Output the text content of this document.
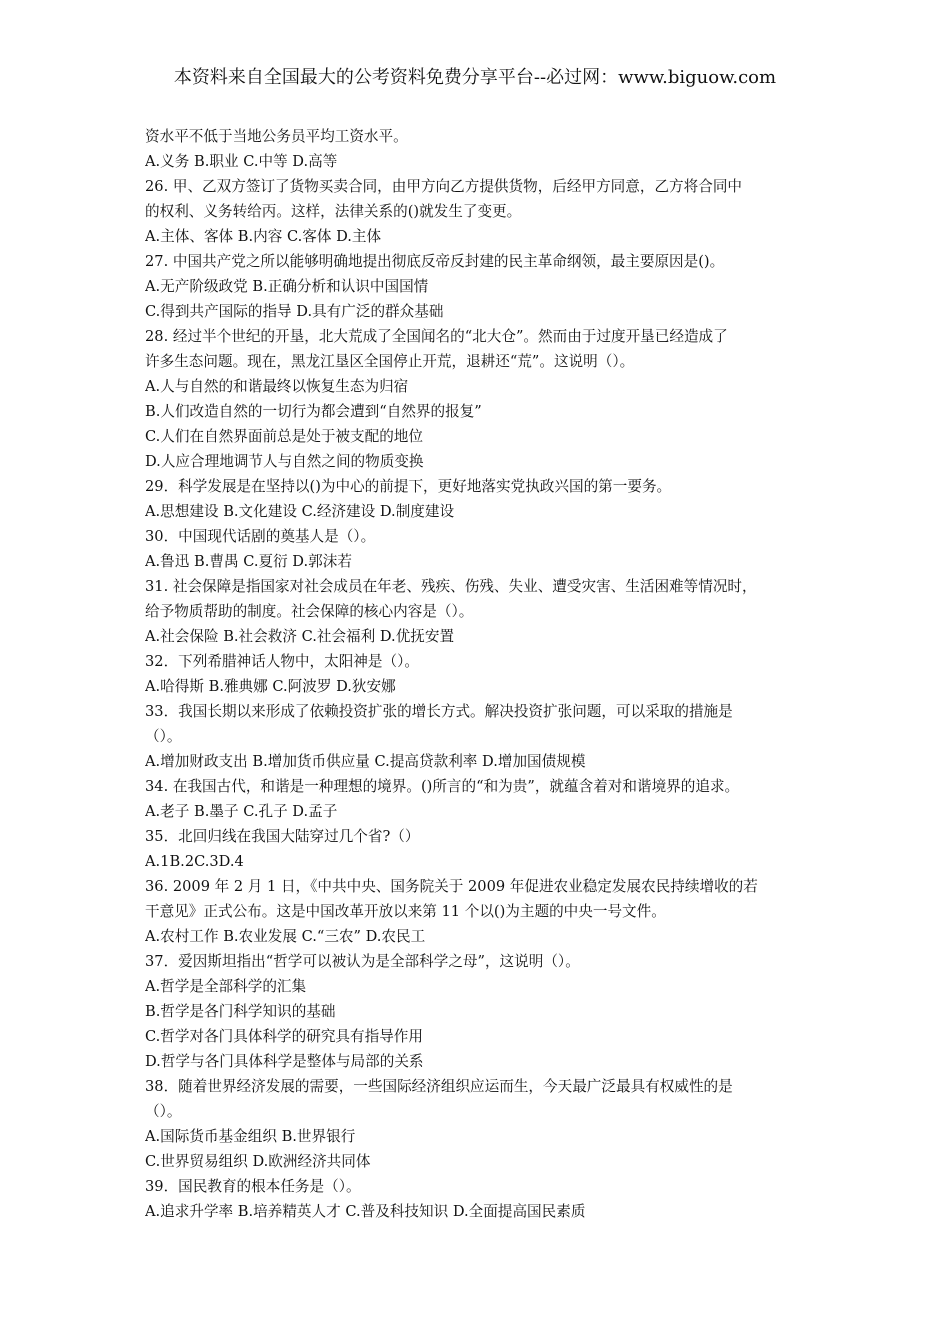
本资料来自全国最大的公考资料免费分享平台--必过网：www.biguow.com
资水平不低于当地公务员平均工资水平。
A.义务 B.职业 C.中等 D.高等
26. 甲、乙双方签订了货物买卖合同，由甲方向乙方提供货物，后经甲方同意，乙方将合同中
的权利、义务转给丙。这样，法律关系的()就发生了变更。
A.主体、客体 B.内容 C.客体 D.主体
27. 中国共产党之所以能够明确地提出彻底反帝反封建的民主革命纲领，最主要原因是()。
A.无产阶级政党 B.正确分析和认识中国国情
C.得到共产国际的指导 D.具有广泛的群众基础
28. 经过半个世纪的开垦，北大荒成了全国闻名的“北大仓”。然而由于过度开垦已经造成了
许多生态问题。现在，黑龙江垦区全国停止开荒，退耕还“荒”。这说明（）。
A.人与自然的和谐最终以恢复生态为归宿
B.人们改造自然的一切行为都会遭到“自然界的报复”
C.人们在自然界面前总是处于被支配的地位
D.人应合理地调节人与自然之间的物质变换
29．科学发展是在坚持以()为中心的前提下，更好地落实党执政兴国的第一要务。
A.思想建设 B.文化建设 C.经济建设 D.制度建设
30．中国现代话剧的奠基人是（）。
A.鲁迅 B.曹禺 C.夏衍 D.郭沫若
31. 社会保障是指国家对社会成员在年老、残疾、伤残、失业、遭受灾害、生活困难等情况时，
给予物质帮助的制度。社会保障的核心内容是（）。
A.社会保险 B.社会救济 C.社会福利 D.优抚安置
32．下列希腊神话人物中，太阳神是（）。
A.哈得斯 B.雅典娜 C.阿波罗 D.狄安娜
33．我国长期以来形成了依赖投资扩张的增长方式。解决投资扩张问题，可以采取的措施是
（）。
A.增加财政支出 B.增加货币供应量 C.提高贷款利率 D.增加国债规模
34. 在我国古代，和谐是一种理想的境界。()所言的“和为贵”，就蕴含着对和谐境界的追求。
A.老子 B.墨子 C.孔子 D.孟子
35．北回归线在我国大陆穿过几个省?（）
A.1B.2C.3D.4
36. 2009 年 2 月 1 日，《中共中央、国务院关于 2009 年促进农业稳定发展农民持续增收的若
干意见》正式公布。这是中国改革开放以来第 11 个以()为主题的中央一号文件。
A.农村工作 B.农业发展 C.“三农” D.农民工
37．爱因斯坦指出“哲学可以被认为是全部科学之母”，这说明（）。
A.哲学是全部科学的汇集
B.哲学是各门科学知识的基础
C.哲学对各门具体科学的研究具有指导作用
D.哲学与各门具体科学是整体与局部的关系
38．随着世界经济发展的需要，一些国际经济组织应运而生，今天最广泛最具有权威性的是
（）。
A.国际货币基金组织 B.世界银行
C.世界贸易组织 D.欧洲经济共同体
39．国民教育的根本任务是（）。
A.追求升学率 B.培养精英人才 C.普及科技知识 D.全面提高国民素质
